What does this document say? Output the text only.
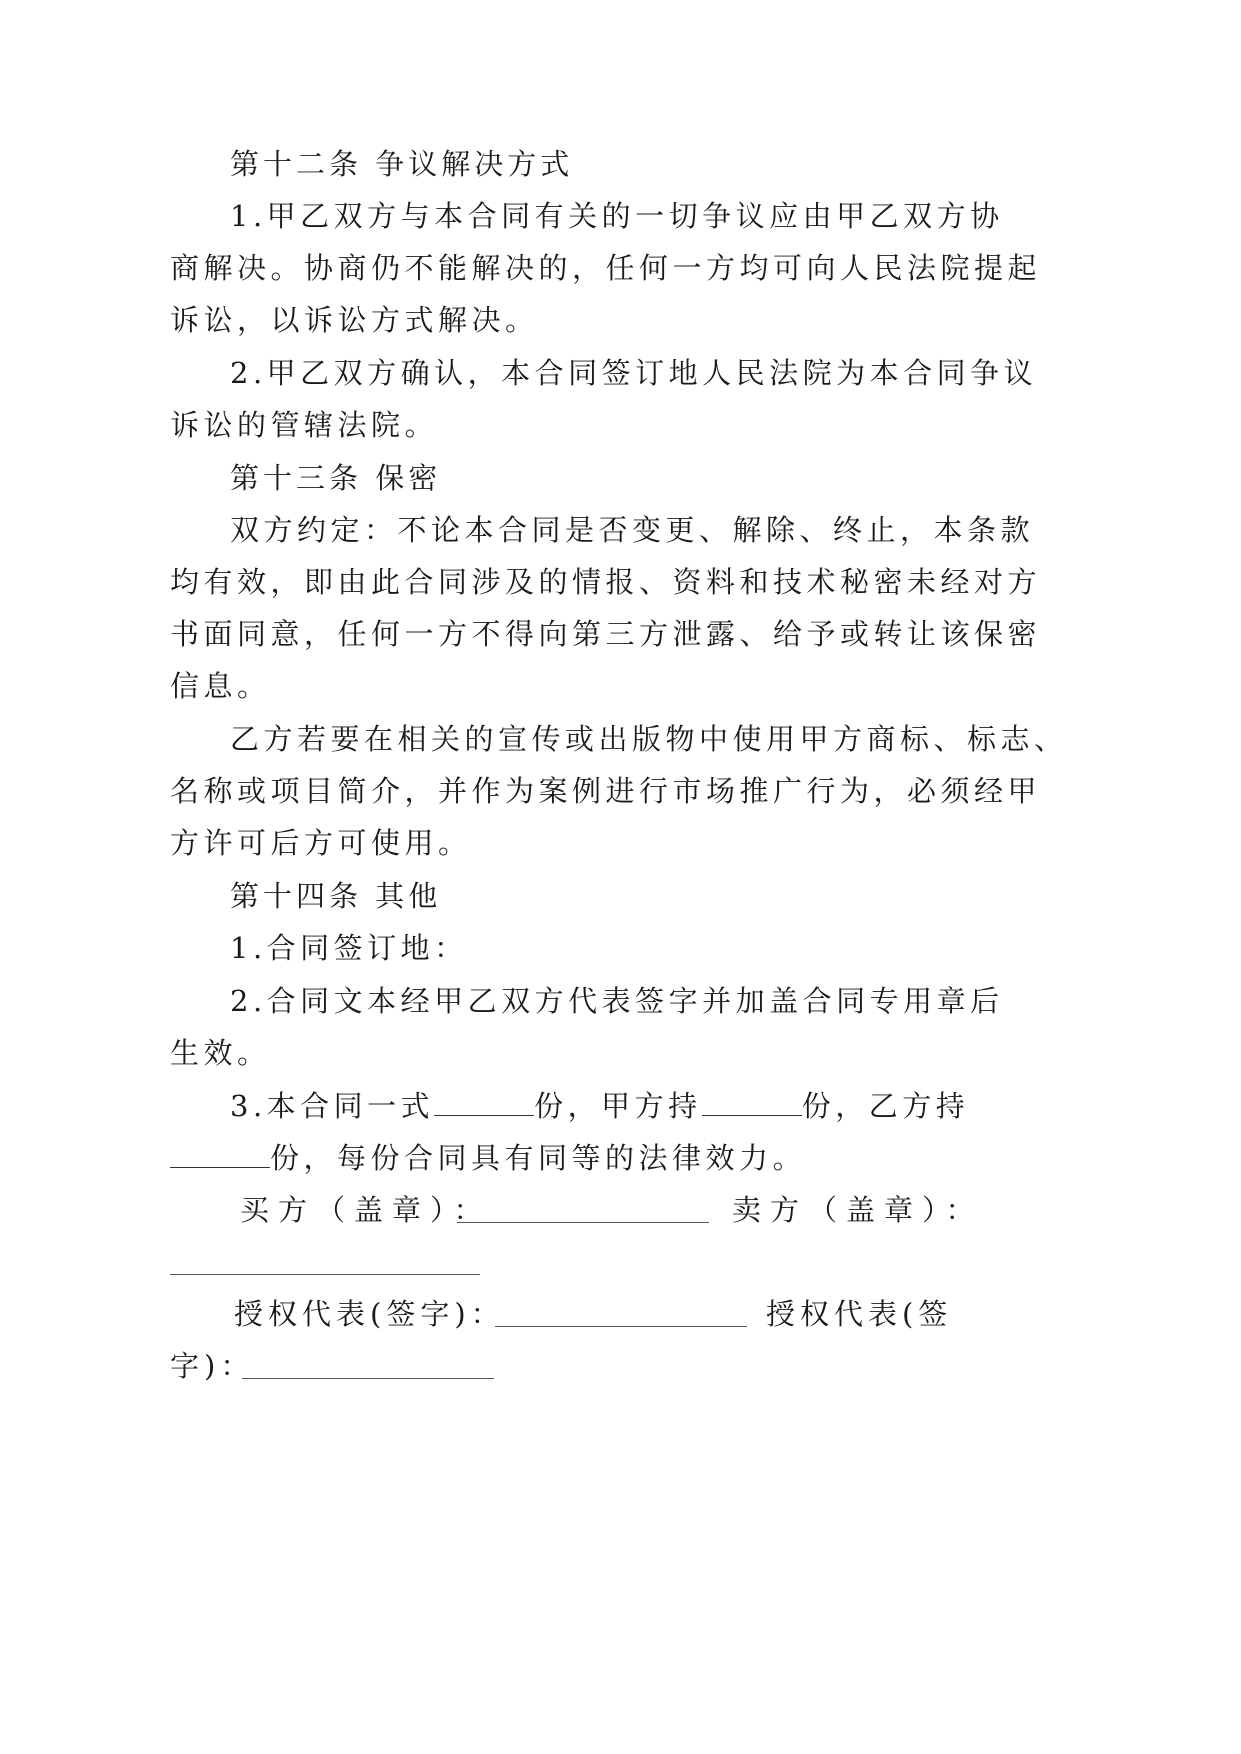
第十二条 争议解决方式
1.甲乙双方与本合同有关的一切争议应由甲乙双方协
商解决。协商仍不能解决的，任何一方均可向人民法院提起
诉讼，以诉讼方式解决。
2.甲乙双方确认，本合同签订地人民法院为本合同争议
诉讼的管辖法院。
第十三条 保密
双方约定：不论本合同是否变更、解除、终止，本条款
均有效，即由此合同涉及的情报、资料和技术秘密未经对方
书面同意，任何一方不得向第三方泄露、给予或转让该保密
信息。
乙方若要在相关的宣传或出版物中使用甲方商标、标志、
名称或项目简介，并作为案例进行市场推广行为，必须经甲
方许可后方可使用。
第十四条 其他
1.合同签订地：
2.合同文本经甲乙双方代表签字并加盖合同专用章后
生效。
3.本合同一式	份，甲方持	份，乙方持
份，每份合同具有同等的法律效力。
买方（盖章）：	卖方（盖章）：
授权代表(签字)：	授权代表(签
字)：
